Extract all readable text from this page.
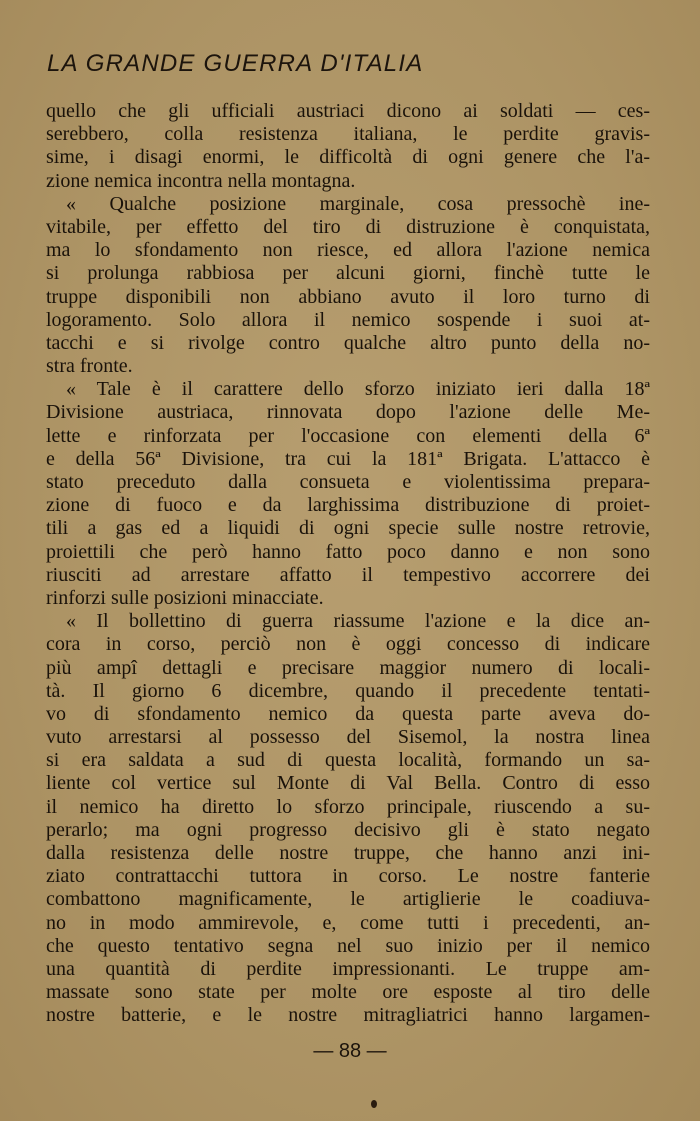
LA GRANDE GUERRA D'ITALIA
quello che gli ufficiali austriaci dicono ai soldati — ces-
serebbero, colla resistenza italiana, le perdite gravis-
sime, i disagi enormi, le difficoltà di ogni genere che l'a-
zione nemica incontra nella montagna.
« Qualche posizione marginale, cosa pressochè ine-
vitabile, per effetto del tiro di distruzione è conquistata,
ma lo sfondamento non riesce, ed allora l'azione nemica
si prolunga rabbiosa per alcuni giorni, finchè tutte le
truppe disponibili non abbiano avuto il loro turno di
logoramento. Solo allora il nemico sospende i suoi at-
tacchi e si rivolge contro qualche altro punto della no-
stra fronte.
« Tale è il carattere dello sforzo iniziato ieri dalla 18ª
Divisione austriaca, rinnovata dopo l'azione delle Me-
lette e rinforzata per l'occasione con elementi della 6ª
e della 56ª Divisione, tra cui la 181ª Brigata. L'attacco è
stato preceduto dalla consueta e violentissima prepara-
zione di fuoco e da larghissima distribuzione di proiet-
tili a gas ed a liquidi di ogni specie sulle nostre retrovie,
proiettili che però hanno fatto poco danno e non sono
riusciti ad arrestare affatto il tempestivo accorrere dei
rinforzi sulle posizioni minacciate.
« Il bollettino di guerra riassume l'azione e la dice an-
cora in corso, perciò non è oggi concesso di indicare
più ampî dettagli e precisare maggior numero di locali-
tà. Il giorno 6 dicembre, quando il precedente tentati-
vo di sfondamento nemico da questa parte aveva do-
vuto arrestarsi al possesso del Sisemol, la nostra linea
si era saldata a sud di questa località, formando un sa-
liente col vertice sul Monte di Val Bella. Contro di esso
il nemico ha diretto lo sforzo principale, riuscendo a su-
perarlo; ma ogni progresso decisivo gli è stato negato
dalla resistenza delle nostre truppe, che hanno anzi ini-
ziato contrattacchi tuttora in corso. Le nostre fanterie
combattono magnificamente, le artiglierie le coadiuva-
no in modo ammirevole, e, come tutti i precedenti, an-
che questo tentativo segna nel suo inizio per il nemico
una quantità di perdite impressionanti. Le truppe am-
massate sono state per molte ore esposte al tiro delle
nostre batterie, e le nostre mitragliatrici hanno largamen-
— 88 —
